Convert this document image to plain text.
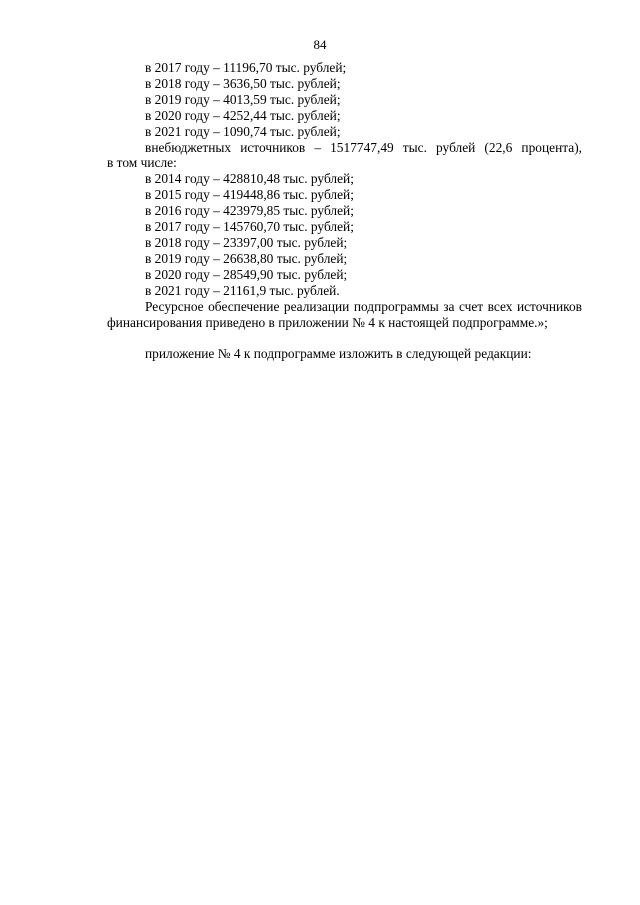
84
в 2017 году – 11196,70 тыс. рублей;
в 2018 году – 3636,50 тыс. рублей;
в 2019 году – 4013,59 тыс. рублей;
в 2020 году – 4252,44 тыс. рублей;
в 2021 году – 1090,74 тыс. рублей;
внебюджетных источников – 1517747,49 тыс. рублей (22,6 процента),
в том числе:
в 2014 году – 428810,48 тыс. рублей;
в 2015 году – 419448,86 тыс. рублей;
в 2016 году – 423979,85 тыс. рублей;
в 2017 году – 145760,70 тыс. рублей;
в 2018 году – 23397,00 тыс. рублей;
в 2019 году – 26638,80 тыс. рублей;
в 2020 году – 28549,90 тыс. рублей;
в 2021 году – 21161,9 тыс. рублей.
Ресурсное обеспечение реализации подпрограммы за счет всех источников
финансирования приведено в приложении № 4 к настоящей подпрограмме.»;
приложение № 4 к подпрограмме изложить в следующей редакции:
